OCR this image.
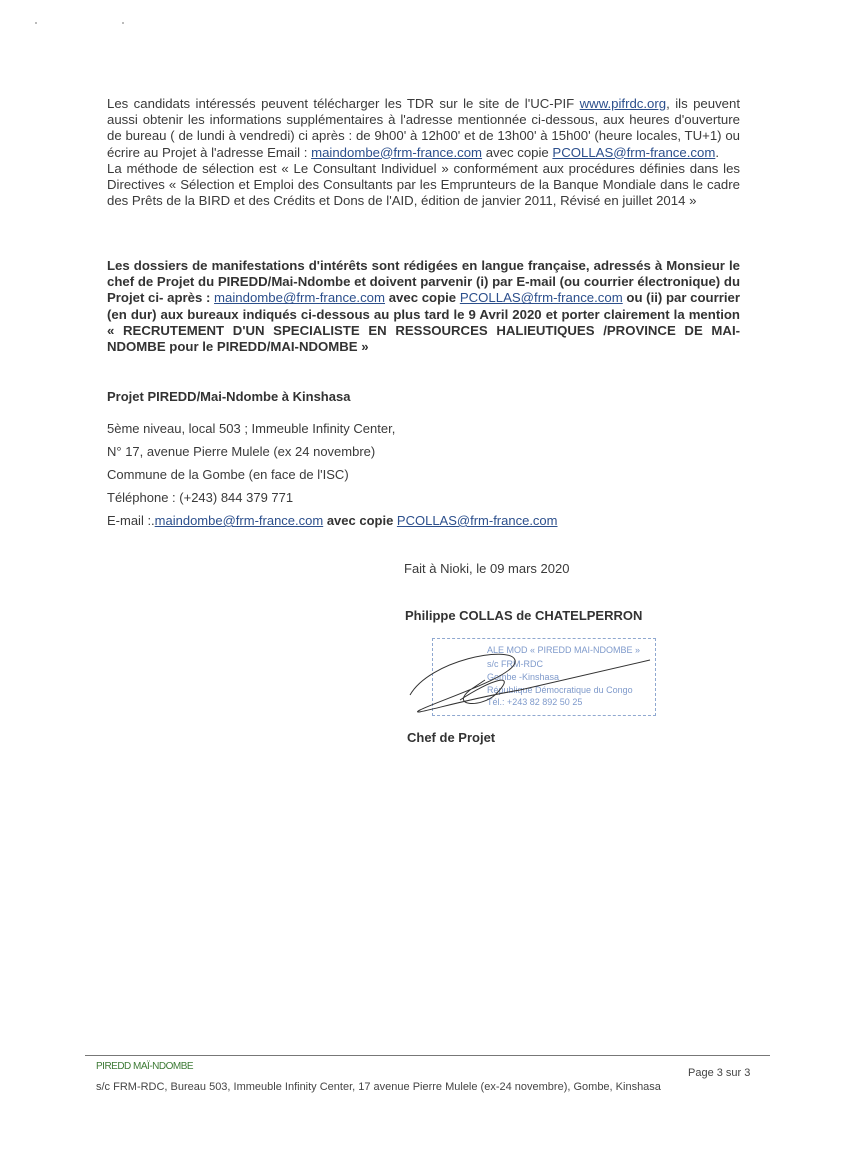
Les candidats intéressés peuvent télécharger les TDR sur le site de l'UC-PIF www.pifrdc.org, ils peuvent aussi obtenir les informations supplémentaires à l'adresse mentionnée ci-dessous, aux heures d'ouverture de bureau ( de lundi à vendredi) ci après : de 9h00' à 12h00' et de 13h00' à 15h00' (heure locales, TU+1) ou écrire au Projet à l'adresse Email : maindombe@frm-france.com avec copie PCOLLAS@frm-france.com.
La méthode de sélection est « Le Consultant Individuel » conformément aux procédures définies dans les Directives « Sélection et Emploi des Consultants par les Emprunteurs de la Banque Mondiale dans le cadre des Prêts de la BIRD et des Crédits et Dons de l'AID, édition de janvier 2011, Révisé en juillet 2014 »
Les dossiers de manifestations d'intérêts sont rédigées en langue française, adressés à Monsieur le chef de Projet du PIREDD/Mai-Ndombe et doivent parvenir (i) par E-mail (ou courrier électronique) du Projet ci- après : maindombe@frm-france.com avec copie PCOLLAS@frm-france.com ou (ii) par courrier (en dur) aux bureaux indiqués ci-dessous au plus tard le 9 Avril 2020 et porter clairement la mention « RECRUTEMENT D'UN SPECIALISTE EN RESSOURCES HALIEUTIQUES /PROVINCE DE MAI-NDOMBE pour le PIREDD/MAI-NDOMBE »
Projet PIREDD/Mai-Ndombe à Kinshasa
5ème niveau, local 503 ; Immeuble Infinity Center,
N° 17, avenue Pierre Mulele (ex 24 novembre)
Commune de la Gombe (en face de l'ISC)
Téléphone : (+243) 844 379 771
E-mail :.maindombe@frm-france.com avec copie PCOLLAS@frm-france.com
Fait à Nioki, le 09 mars 2020
Philippe COLLAS de CHATELPERRON
ALE MOD « PIREDD MAI-NDOMBE »
s/c FRM-RDC
Gombe -Kinshasa
République Démocratique du Congo
Tél.: +243 82 892 50 25
Chef de Projet
PIREDD MAÏ-NDOMBE
s/c FRM-RDC, Bureau 503, Immeuble Infinity Center, 17 avenue Pierre Mulele (ex-24 novembre), Gombe, Kinshasa
Page 3 sur 3
